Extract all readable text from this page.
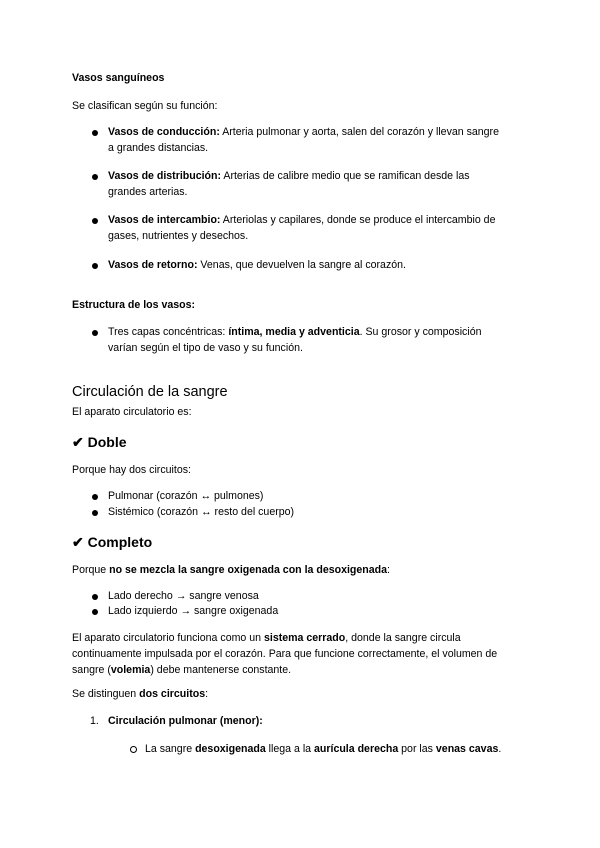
Vasos sanguíneos
Se clasifican según su función:
Vasos de conducción: Arteria pulmonar y aorta, salen del corazón y llevan sangre
a grandes distancias.
Vasos de distribución: Arterias de calibre medio que se ramifican desde las
grandes arterias.
Vasos de intercambio: Arteriolas y capilares, donde se produce el intercambio de
gases, nutrientes y desechos.
Vasos de retorno: Venas, que devuelven la sangre al corazón.
Estructura de los vasos:
Tres capas concéntricas: íntima, media y adventicia. Su grosor y composición
varían según el tipo de vaso y su función.
Circulación de la sangre
El aparato circulatorio es:
✔ Doble
Porque hay dos circuitos:
Pulmonar (corazón ↔ pulmones)
Sistémico (corazón ↔ resto del cuerpo)
✔ Completo
Porque no se mezcla la sangre oxigenada con la desoxigenada:
Lado derecho → sangre venosa
Lado izquierdo → sangre oxigenada
El aparato circulatorio funciona como un sistema cerrado, donde la sangre circula
continuamente impulsada por el corazón. Para que funcione correctamente, el volumen de
sangre (volemia) debe mantenerse constante.
Se distinguen dos circuitos:
1. Circulación pulmonar (menor):
La sangre desoxigenada llega a la aurícula derecha por las venas cavas.
